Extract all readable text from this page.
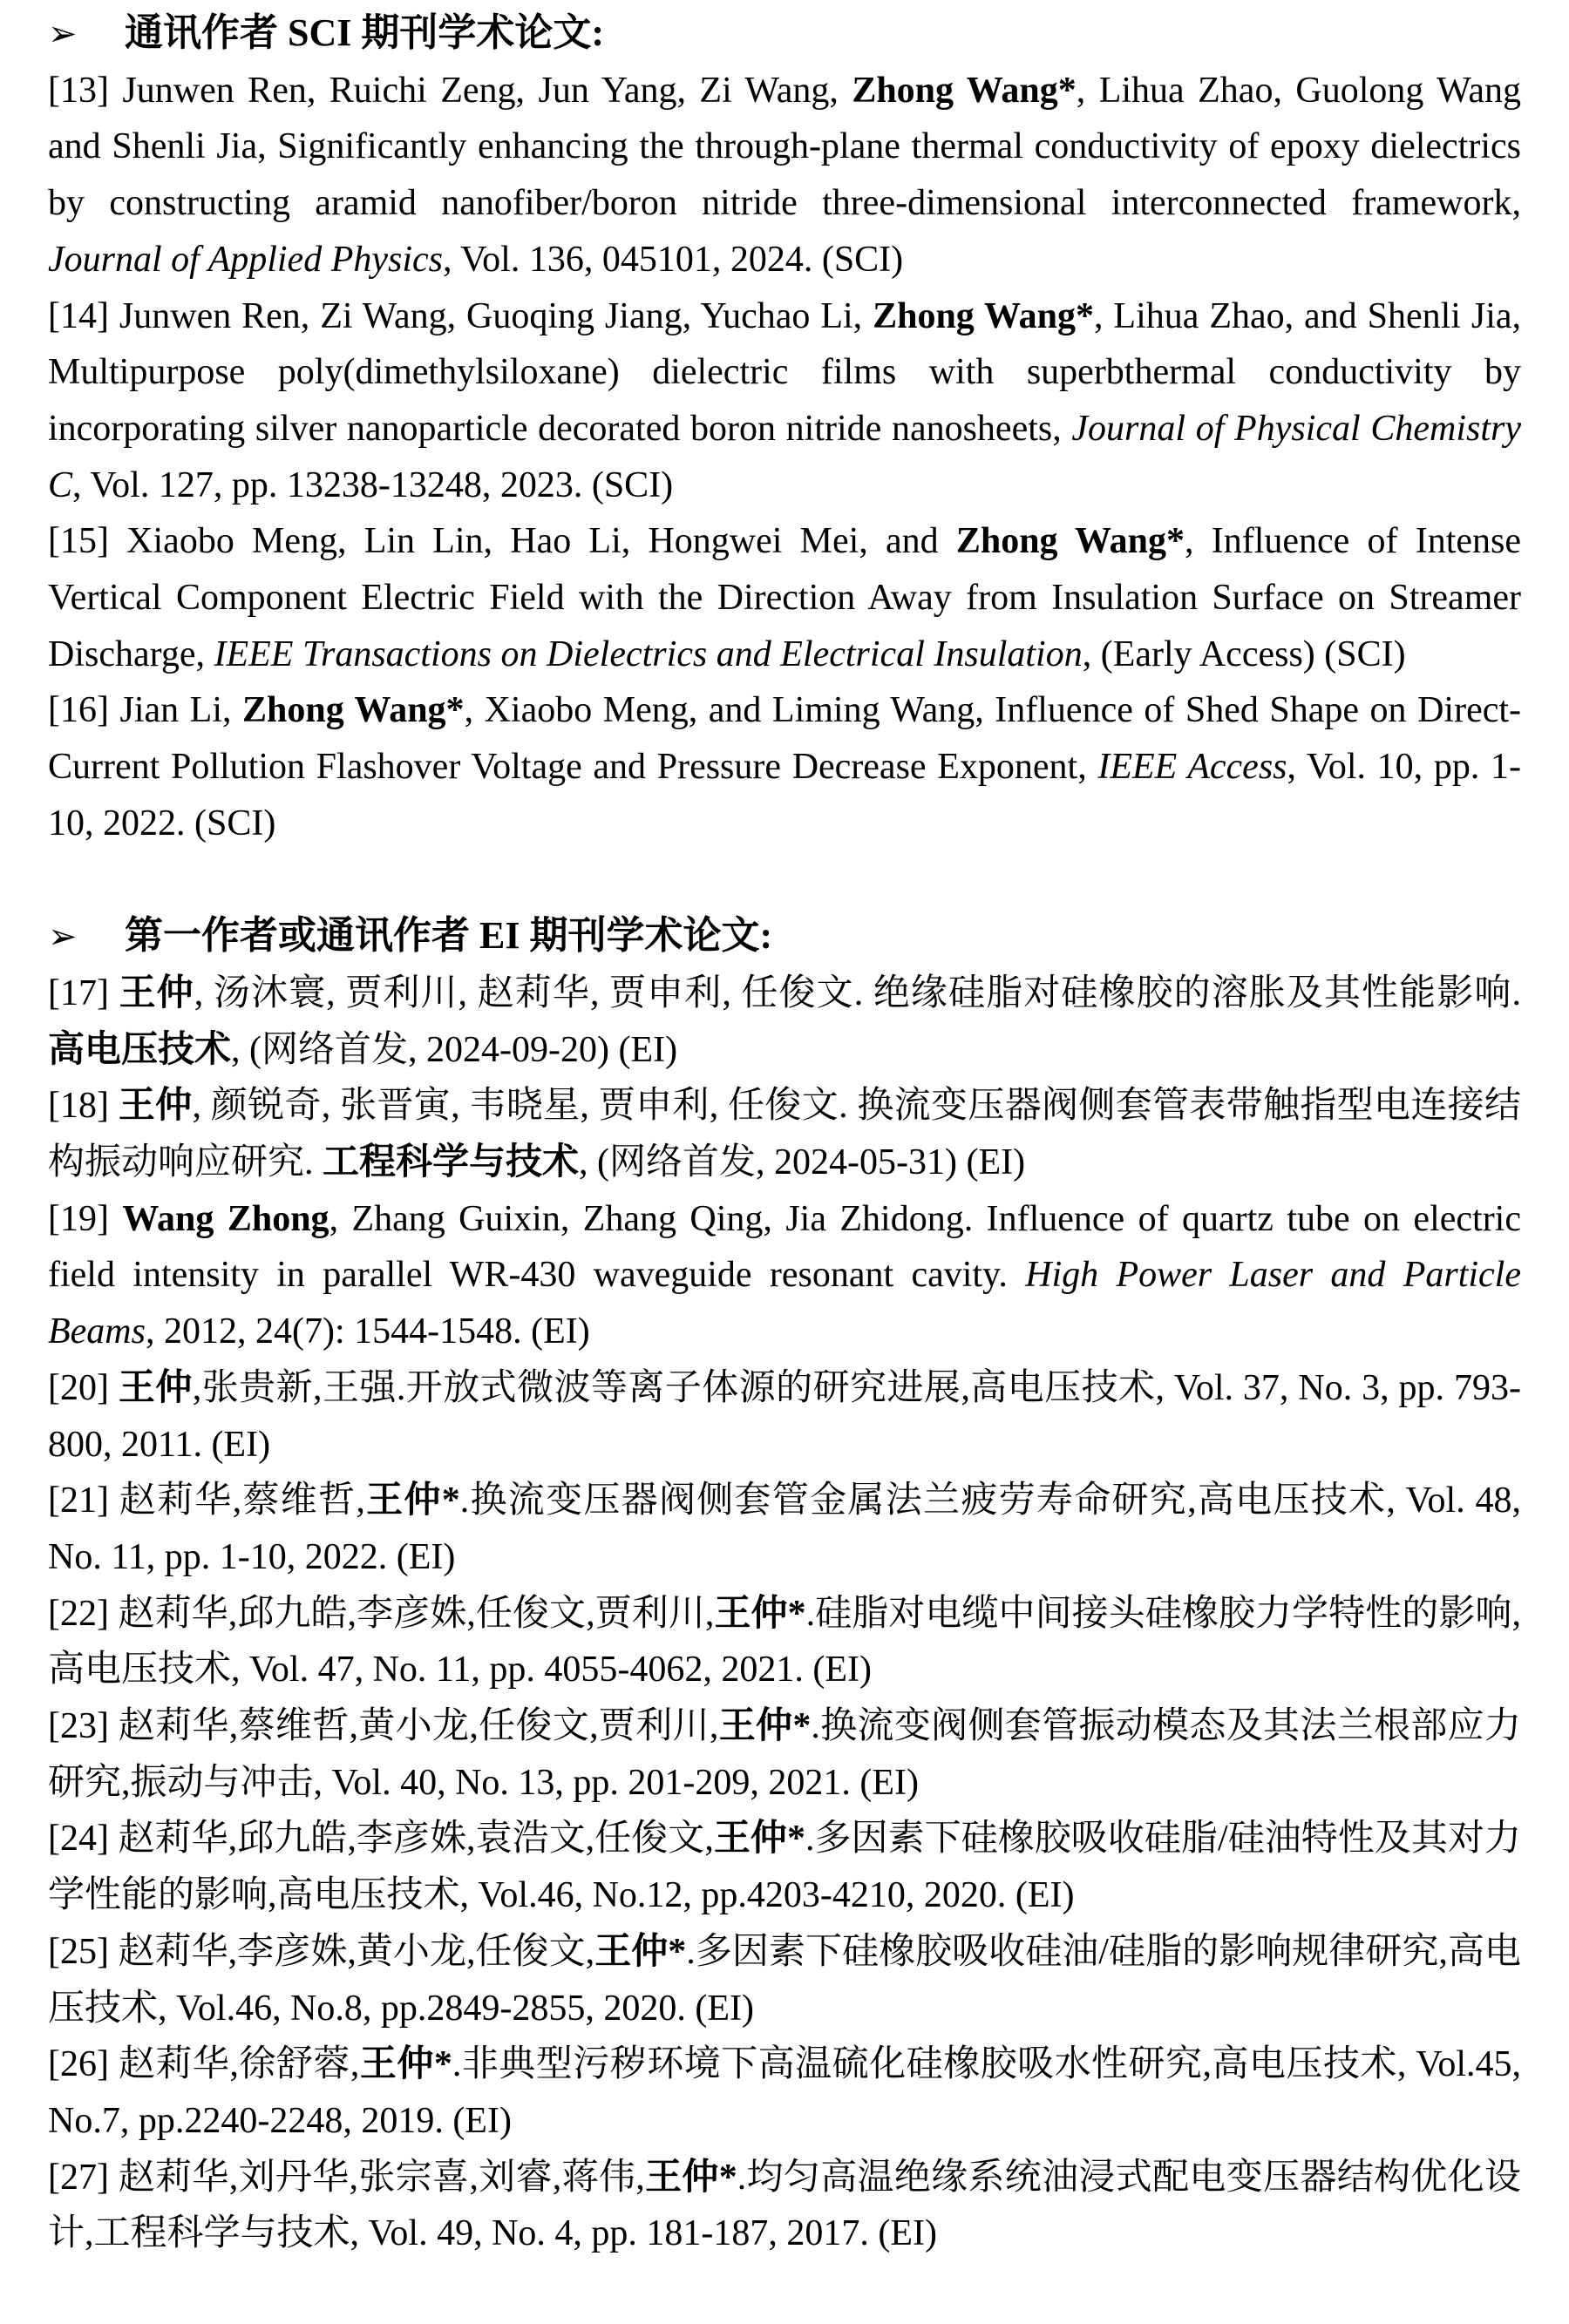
➢ 通讯作者 SCI 期刊学术论文:

[13] Junwen Ren, Ruichi Zeng, Jun Yang, Zi Wang, Zhong Wang*, Lihua Zhao, Guolong Wang and Shenli Jia, Significantly enhancing the through-plane thermal conductivity of epoxy dielectrics by constructing aramid nanofiber/boron nitride three-dimensional interconnected framework, Journal of Applied Physics, Vol. 136, 045101, 2024. (SCI)

[14] Junwen Ren, Zi Wang, Guoqing Jiang, Yuchao Li, Zhong Wang*, Lihua Zhao, and Shenli Jia, Multipurpose poly(dimethylsiloxane) dielectric films with superbthermal conductivity by incorporating silver nanoparticle decorated boron nitride nanosheets, Journal of Physical Chemistry C, Vol. 127, pp. 13238-13248, 2023. (SCI)

[15] Xiaobo Meng, Lin Lin, Hao Li, Hongwei Mei, and Zhong Wang*, Influence of Intense Vertical Component Electric Field with the Direction Away from Insulation Surface on Streamer Discharge, IEEE Transactions on Dielectrics and Electrical Insulation, (Early Access) (SCI)

[16] Jian Li, Zhong Wang*, Xiaobo Meng, and Liming Wang, Influence of Shed Shape on Direct-Current Pollution Flashover Voltage and Pressure Decrease Exponent, IEEE Access, Vol. 10, pp. 1-10, 2022. (SCI)

➢ 第一作者或通讯作者 EI 期刊学术论文:

[17] 王仲, 汤沐寰, 贾利川, 赵莉华, 贾申利, 任俊文. 绝缘硅脂对硅橡胶的溶胀及其性能影响. 高电压技术, (网络首发, 2024-09-20) (EI)

[18] 王仲, 颜锐奇, 张晋寅, 韦晓星, 贾申利, 任俊文. 换流变压器阀侧套管表带触指型电连接结构振动响应研究. 工程科学与技术, (网络首发, 2024-05-31) (EI)

[19] Wang Zhong, Zhang Guixin, Zhang Qing, Jia Zhidong. Influence of quartz tube on electric field intensity in parallel WR-430 waveguide resonant cavity. High Power Laser and Particle Beams, 2012, 24(7): 1544-1548. (EI)

[20] 王仲,张贵新,王强.开放式微波等离子体源的研究进展,高电压技术, Vol. 37, No. 3, pp. 793-800, 2011. (EI)

[21] 赵莉华,蔡维哲,王仲*.换流变压器阀侧套管金属法兰疲劳寿命研究,高电压技术, Vol. 48, No. 11, pp. 1-10, 2022. (EI)

[22] 赵莉华,邱九皓,李彦姝,任俊文,贾利川,王仲*.硅脂对电缆中间接头硅橡胶力学特性的影响,高电压技术, Vol. 47, No. 11, pp. 4055-4062, 2021. (EI)

[23] 赵莉华,蔡维哲,黄小龙,任俊文,贾利川,王仲*.换流变阀侧套管振动模态及其法兰根部应力研究,振动与冲击, Vol. 40, No. 13, pp. 201-209, 2021. (EI)

[24] 赵莉华,邱九皓,李彦姝,袁浩文,任俊文,王仲*.多因素下硅橡胶吸收硅脂/硅油特性及其对力学性能的影响,高电压技术, Vol.46, No.12, pp.4203-4210, 2020. (EI)

[25] 赵莉华,李彦姝,黄小龙,任俊文,王仲*.多因素下硅橡胶吸收硅油/硅脂的影响规律研究,高电压技术, Vol.46, No.8, pp.2849-2855, 2020. (EI)

[26] 赵莉华,徐舒蓉,王仲*.非典型污秽环境下高温硫化硅橡胶吸水性研究,高电压技术, Vol.45, No.7, pp.2240-2248, 2019. (EI)

[27] 赵莉华,刘丹华,张宗喜,刘睿,蒋伟,王仲*.均匀高温绝缘系统油浸式配电变压器结构优化设计,工程科学与技术, Vol. 49, No. 4, pp. 181-187, 2017. (EI)
